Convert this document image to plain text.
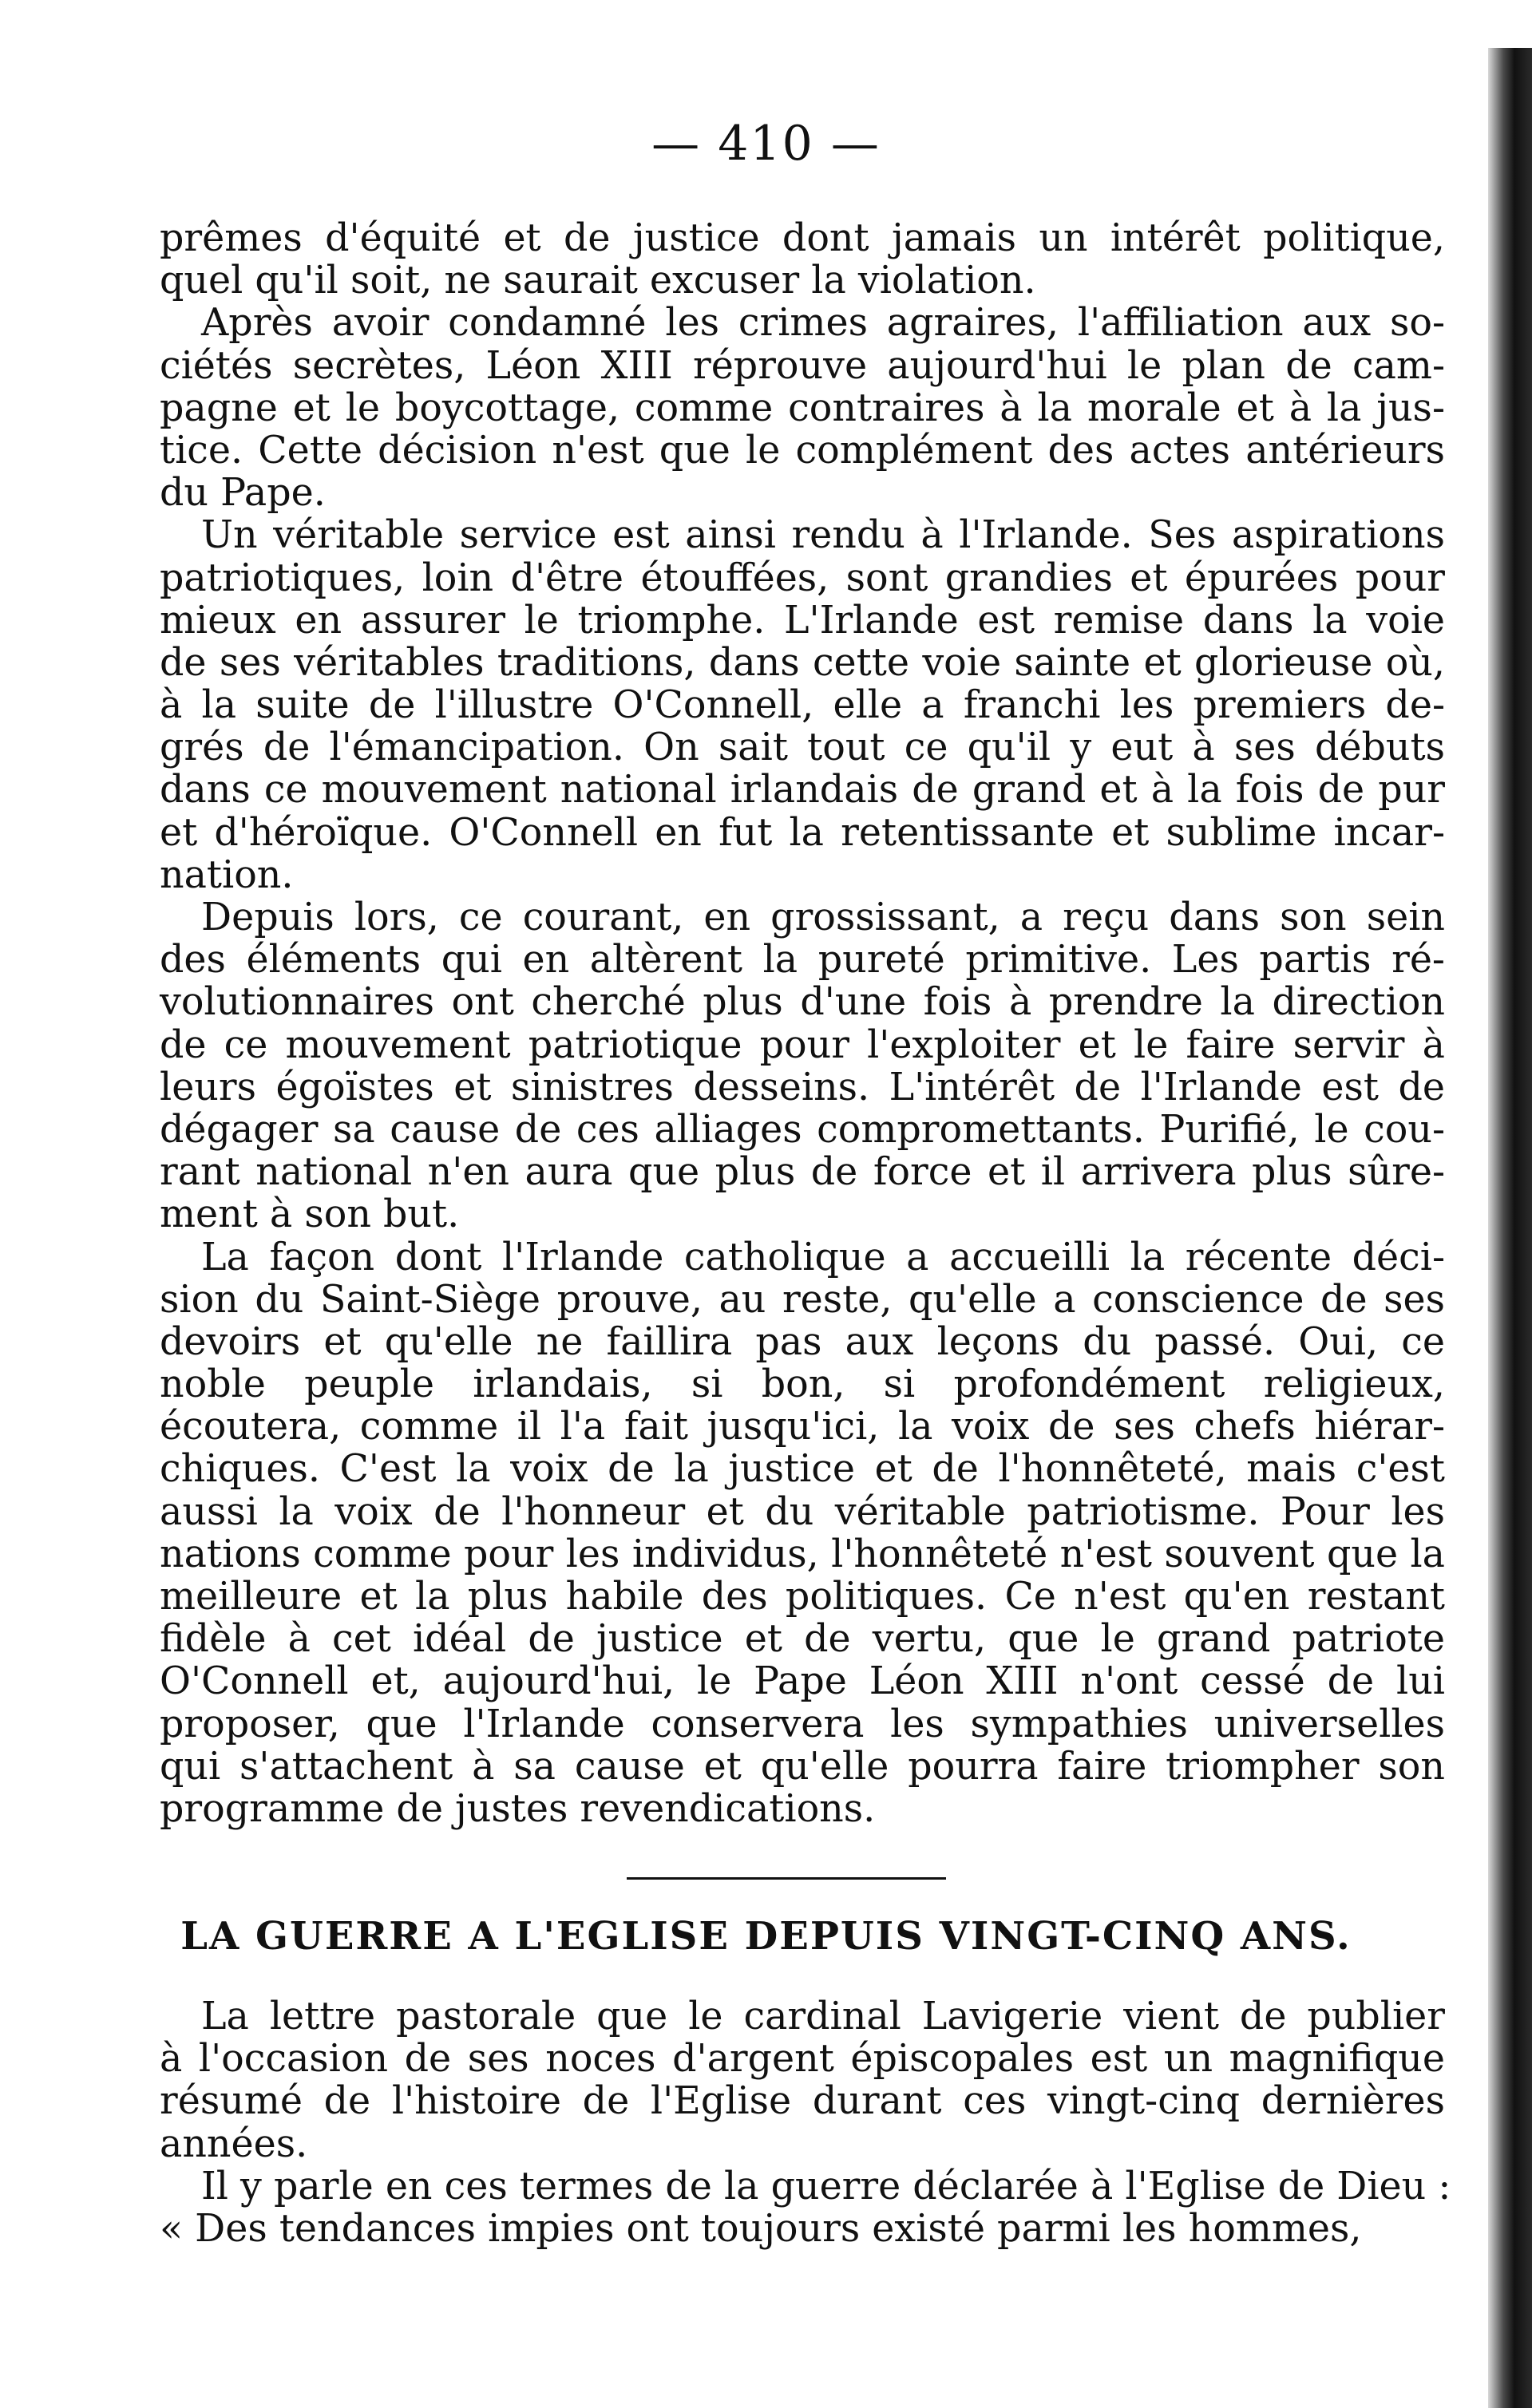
— 410 —
prêmes d'équité et de justice dont jamais un intérêt politique,
quel qu'il soit, ne saurait excuser la violation.
Après avoir condamné les crimes agraires, l'affiliation aux so-
ciétés secrètes, Léon XIII réprouve aujourd'hui le plan de cam-
pagne et le boycottage, comme contraires à la morale et à la jus-
tice. Cette décision n'est que le complément des actes antérieurs
du Pape.
Un véritable service est ainsi rendu à l'Irlande. Ses aspirations
patriotiques, loin d'être étouffées, sont grandies et épurées pour
mieux en assurer le triomphe. L'Irlande est remise dans la voie
de ses véritables traditions, dans cette voie sainte et glorieuse où,
à la suite de l'illustre O'Connell, elle a franchi les premiers de-
grés de l'émancipation. On sait tout ce qu'il y eut à ses débuts
dans ce mouvement national irlandais de grand et à la fois de pur
et d'héroïque. O'Connell en fut la retentissante et sublime incar-
nation.
Depuis lors, ce courant, en grossissant, a reçu dans son sein
des éléments qui en altèrent la pureté primitive. Les partis ré-
volutionnaires ont cherché plus d'une fois à prendre la direction
de ce mouvement patriotique pour l'exploiter et le faire servir à
leurs égoïstes et sinistres desseins. L'intérêt de l'Irlande est de
dégager sa cause de ces alliages compromettants. Purifié, le cou-
rant national n'en aura que plus de force et il arrivera plus sûre-
ment à son but.
La façon dont l'Irlande catholique a accueilli la récente déci-
sion du Saint-Siège prouve, au reste, qu'elle a conscience de ses
devoirs et qu'elle ne faillira pas aux leçons du passé. Oui, ce
noble peuple irlandais, si bon, si profondément religieux,
écoutera, comme il l'a fait jusqu'ici, la voix de ses chefs hiérar-
chiques. C'est la voix de la justice et de l'honnêteté, mais c'est
aussi la voix de l'honneur et du véritable patriotisme. Pour les
nations comme pour les individus, l'honnêteté n'est souvent que la
meilleure et la plus habile des politiques. Ce n'est qu'en restant
fidèle à cet idéal de justice et de vertu, que le grand patriote
O'Connell et, aujourd'hui, le Pape Léon XIII n'ont cessé de lui
proposer, que l'Irlande conservera les sympathies universelles
qui s'attachent à sa cause et qu'elle pourra faire triompher son
programme de justes revendications.
LA GUERRE A L'EGLISE DEPUIS VINGT-CINQ ANS.
La lettre pastorale que le cardinal Lavigerie vient de publier
à l'occasion de ses noces d'argent épiscopales est un magnifique
résumé de l'histoire de l'Eglise durant ces vingt-cinq dernières
années.
Il y parle en ces termes de la guerre déclarée à l'Eglise de Dieu :
« Des tendances impies ont toujours existé parmi les hommes,
